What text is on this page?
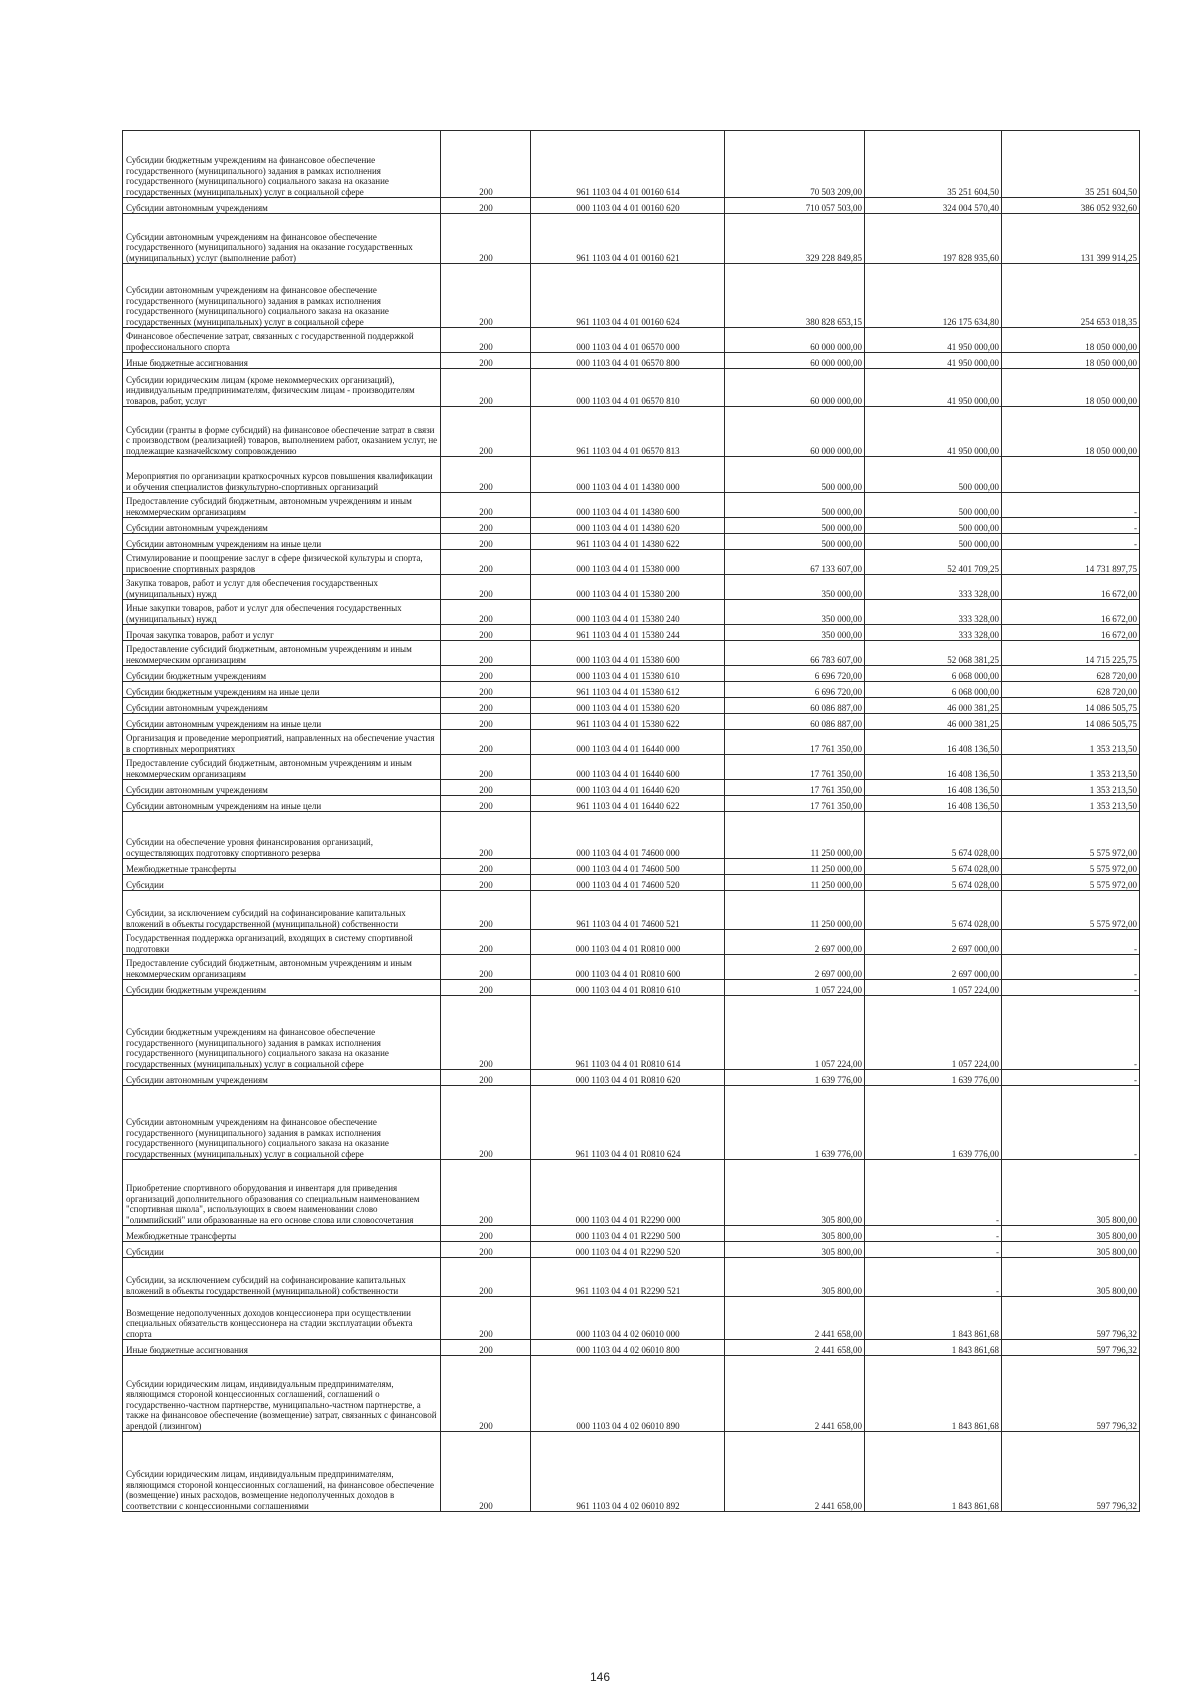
Субсидии бюджетным учреждениям на финансовое обеспечение государственного (муниципального) задания в рамках исполнения государственного (муниципального) социального заказа на оказание государственных (муниципальных) услуг в социальной сфере	200	961 1103 04 4 01 00160 614	70 503 209,00	35 251 604,50	35 251 604,50
Субсидии автономным учреждениям	200	000 1103 04 4 01 00160 620	710 057 503,00	324 004 570,40	386 052 932,60
Субсидии автономным учреждениям на финансовое обеспечение государственного (муниципального) задания на оказание государственных (муниципальных) услуг (выполнение работ)	200	961 1103 04 4 01 00160 621	329 228 849,85	197 828 935,60	131 399 914,25
Субсидии автономным учреждениям на финансовое обеспечение государственного (муниципального) задания в рамках исполнения государственного (муниципального) социального заказа на оказание государственных (муниципальных) услуг в социальной сфере	200	961 1103 04 4 01 00160 624	380 828 653,15	126 175 634,80	254 653 018,35
Финансовое обеспечение затрат, связанных с государственной поддержкой профессионального спорта	200	000 1103 04 4 01 06570 000	60 000 000,00	41 950 000,00	18 050 000,00
Иные бюджетные ассигнования	200	000 1103 04 4 01 06570 800	60 000 000,00	41 950 000,00	18 050 000,00
Субсидии юридическим лицам (кроме некоммерческих организаций), индивидуальным предпринимателям, физическим лицам - производителям товаров, работ, услуг	200	000 1103 04 4 01 06570 810	60 000 000,00	41 950 000,00	18 050 000,00
Субсидии (гранты в форме субсидий) на финансовое обеспечение затрат в связи с производством (реализацией) товаров, выполнением работ, оказанием услуг, не подлежащие казначейскому сопровождению	200	961 1103 04 4 01 06570 813	60 000 000,00	41 950 000,00	18 050 000,00
Мероприятия по организации краткосрочных курсов повышения квалификации и обучения специалистов физкультурно-спортивных организаций	200	000 1103 04 4 01 14380 000	500 000,00	500 000,00	
Предоставление субсидий бюджетным, автономным учреждениям и иным некоммерческим организациям	200	000 1103 04 4 01 14380 600	500 000,00	500 000,00	-
Субсидии автономным учреждениям	200	000 1103 04 4 01 14380 620	500 000,00	500 000,00	-
Субсидии автономным учреждениям на иные цели	200	961 1103 04 4 01 14380 622	500 000,00	500 000,00	-
Стимулирование и поощрение заслуг в сфере физической культуры и спорта, присвоение спортивных разрядов	200	000 1103 04 4 01 15380 000	67 133 607,00	52 401 709,25	14 731 897,75
Закупка товаров, работ и услуг для обеспечения государственных (муниципальных) нужд	200	000 1103 04 4 01 15380 200	350 000,00	333 328,00	16 672,00
Иные закупки товаров, работ и услуг для обеспечения государственных (муниципальных) нужд	200	000 1103 04 4 01 15380 240	350 000,00	333 328,00	16 672,00
Прочая закупка товаров, работ и услуг	200	961 1103 04 4 01 15380 244	350 000,00	333 328,00	16 672,00
Предоставление субсидий бюджетным, автономным учреждениям и иным некоммерческим организациям	200	000 1103 04 4 01 15380 600	66 783 607,00	52 068 381,25	14 715 225,75
Субсидии бюджетным учреждениям	200	000 1103 04 4 01 15380 610	6 696 720,00	6 068 000,00	628 720,00
Субсидии бюджетным учреждениям на иные цели	200	961 1103 04 4 01 15380 612	6 696 720,00	6 068 000,00	628 720,00
Субсидии автономным учреждениям	200	000 1103 04 4 01 15380 620	60 086 887,00	46 000 381,25	14 086 505,75
Субсидии автономным учреждениям на иные цели	200	961 1103 04 4 01 15380 622	60 086 887,00	46 000 381,25	14 086 505,75
Организация и проведение мероприятий, направленных на обеспечение участия в спортивных мероприятиях	200	000 1103 04 4 01 16440 000	17 761 350,00	16 408 136,50	1 353 213,50
Предоставление субсидий бюджетным, автономным учреждениям и иным некоммерческим организациям	200	000 1103 04 4 01 16440 600	17 761 350,00	16 408 136,50	1 353 213,50
Субсидии автономным учреждениям	200	000 1103 04 4 01 16440 620	17 761 350,00	16 408 136,50	1 353 213,50
Субсидии автономным учреждениям на иные цели	200	961 1103 04 4 01 16440 622	17 761 350,00	16 408 136,50	1 353 213,50
Субсидии на обеспечение уровня финансирования организаций, осуществляющих подготовку спортивного резерва	200	000 1103 04 4 01 74600 000	11 250 000,00	5 674 028,00	5 575 972,00
Межбюджетные трансферты	200	000 1103 04 4 01 74600 500	11 250 000,00	5 674 028,00	5 575 972,00
Субсидии	200	000 1103 04 4 01 74600 520	11 250 000,00	5 674 028,00	5 575 972,00
Субсидии, за исключением субсидий на софинансирование капитальных вложений в объекты государственной (муниципальной) собственности	200	961 1103 04 4 01 74600 521	11 250 000,00	5 674 028,00	5 575 972,00
Государственная поддержка организаций, входящих в систему спортивной подготовки	200	000 1103 04 4 01 R0810 000	2 697 000,00	2 697 000,00	-
Предоставление субсидий бюджетным, автономным учреждениям и иным некоммерческим организациям	200	000 1103 04 4 01 R0810 600	2 697 000,00	2 697 000,00	-
Субсидии бюджетным учреждениям	200	000 1103 04 4 01 R0810 610	1 057 224,00	1 057 224,00	-
Субсидии бюджетным учреждениям на финансовое обеспечение государственного (муниципального) задания в рамках исполнения государственного (муниципального) социального заказа на оказание государственных (муниципальных) услуг в социальной сфере	200	961 1103 04 4 01 R0810 614	1 057 224,00	1 057 224,00	-
Субсидии автономным учреждениям	200	000 1103 04 4 01 R0810 620	1 639 776,00	1 639 776,00	-
Субсидии автономным учреждениям на финансовое обеспечение государственного (муниципального) задания в рамках исполнения государственного (муниципального) социального заказа на оказание государственных (муниципальных) услуг в социальной сфере	200	961 1103 04 4 01 R0810 624	1 639 776,00	1 639 776,00	-
Приобретение спортивного оборудования и инвентаря для приведения организаций дополнительного образования со специальным наименованием "спортивная школа", использующих в своем наименовании слово "олимпийский" или образованные на его основе слова или словосочетания	200	000 1103 04 4 01 R2290 000	305 800,00	-	305 800,00
Межбюджетные трансферты	200	000 1103 04 4 01 R2290 500	305 800,00	-	305 800,00
Субсидии	200	000 1103 04 4 01 R2290 520	305 800,00	-	305 800,00
Субсидии, за исключением субсидий на софинансирование капитальных вложений в объекты государственной (муниципальной) собственности	200	961 1103 04 4 01 R2290 521	305 800,00	-	305 800,00
Возмещение недополученных доходов концессионера при осуществлении специальных обязательств концессионера на стадии эксплуатации объекта спорта	200	000 1103 04 4 02 06010 000	2 441 658,00	1 843 861,68	597 796,32
Иные бюджетные ассигнования	200	000 1103 04 4 02 06010 800	2 441 658,00	1 843 861,68	597 796,32
Субсидии юридическим лицам, индивидуальным предпринимателям, являющимся стороной концессионных соглашений, соглашений о государственно-частном партнерстве, муниципально-частном партнерстве, а также на финансовое обеспечение (возмещение) затрат, связанных с финансовой арендой (лизингом)	200	000 1103 04 4 02 06010 890	2 441 658,00	1 843 861,68	597 796,32
Субсидии юридическим лицам, индивидуальным предпринимателям, являющимся стороной концессионных соглашений, на финансовое обеспечение (возмещение) иных расходов, возмещение недополученных доходов в соответствии с концессионными соглашениями	200	961 1103 04 4 02 06010 892	2 441 658,00	1 843 861,68	597 796,32
146
